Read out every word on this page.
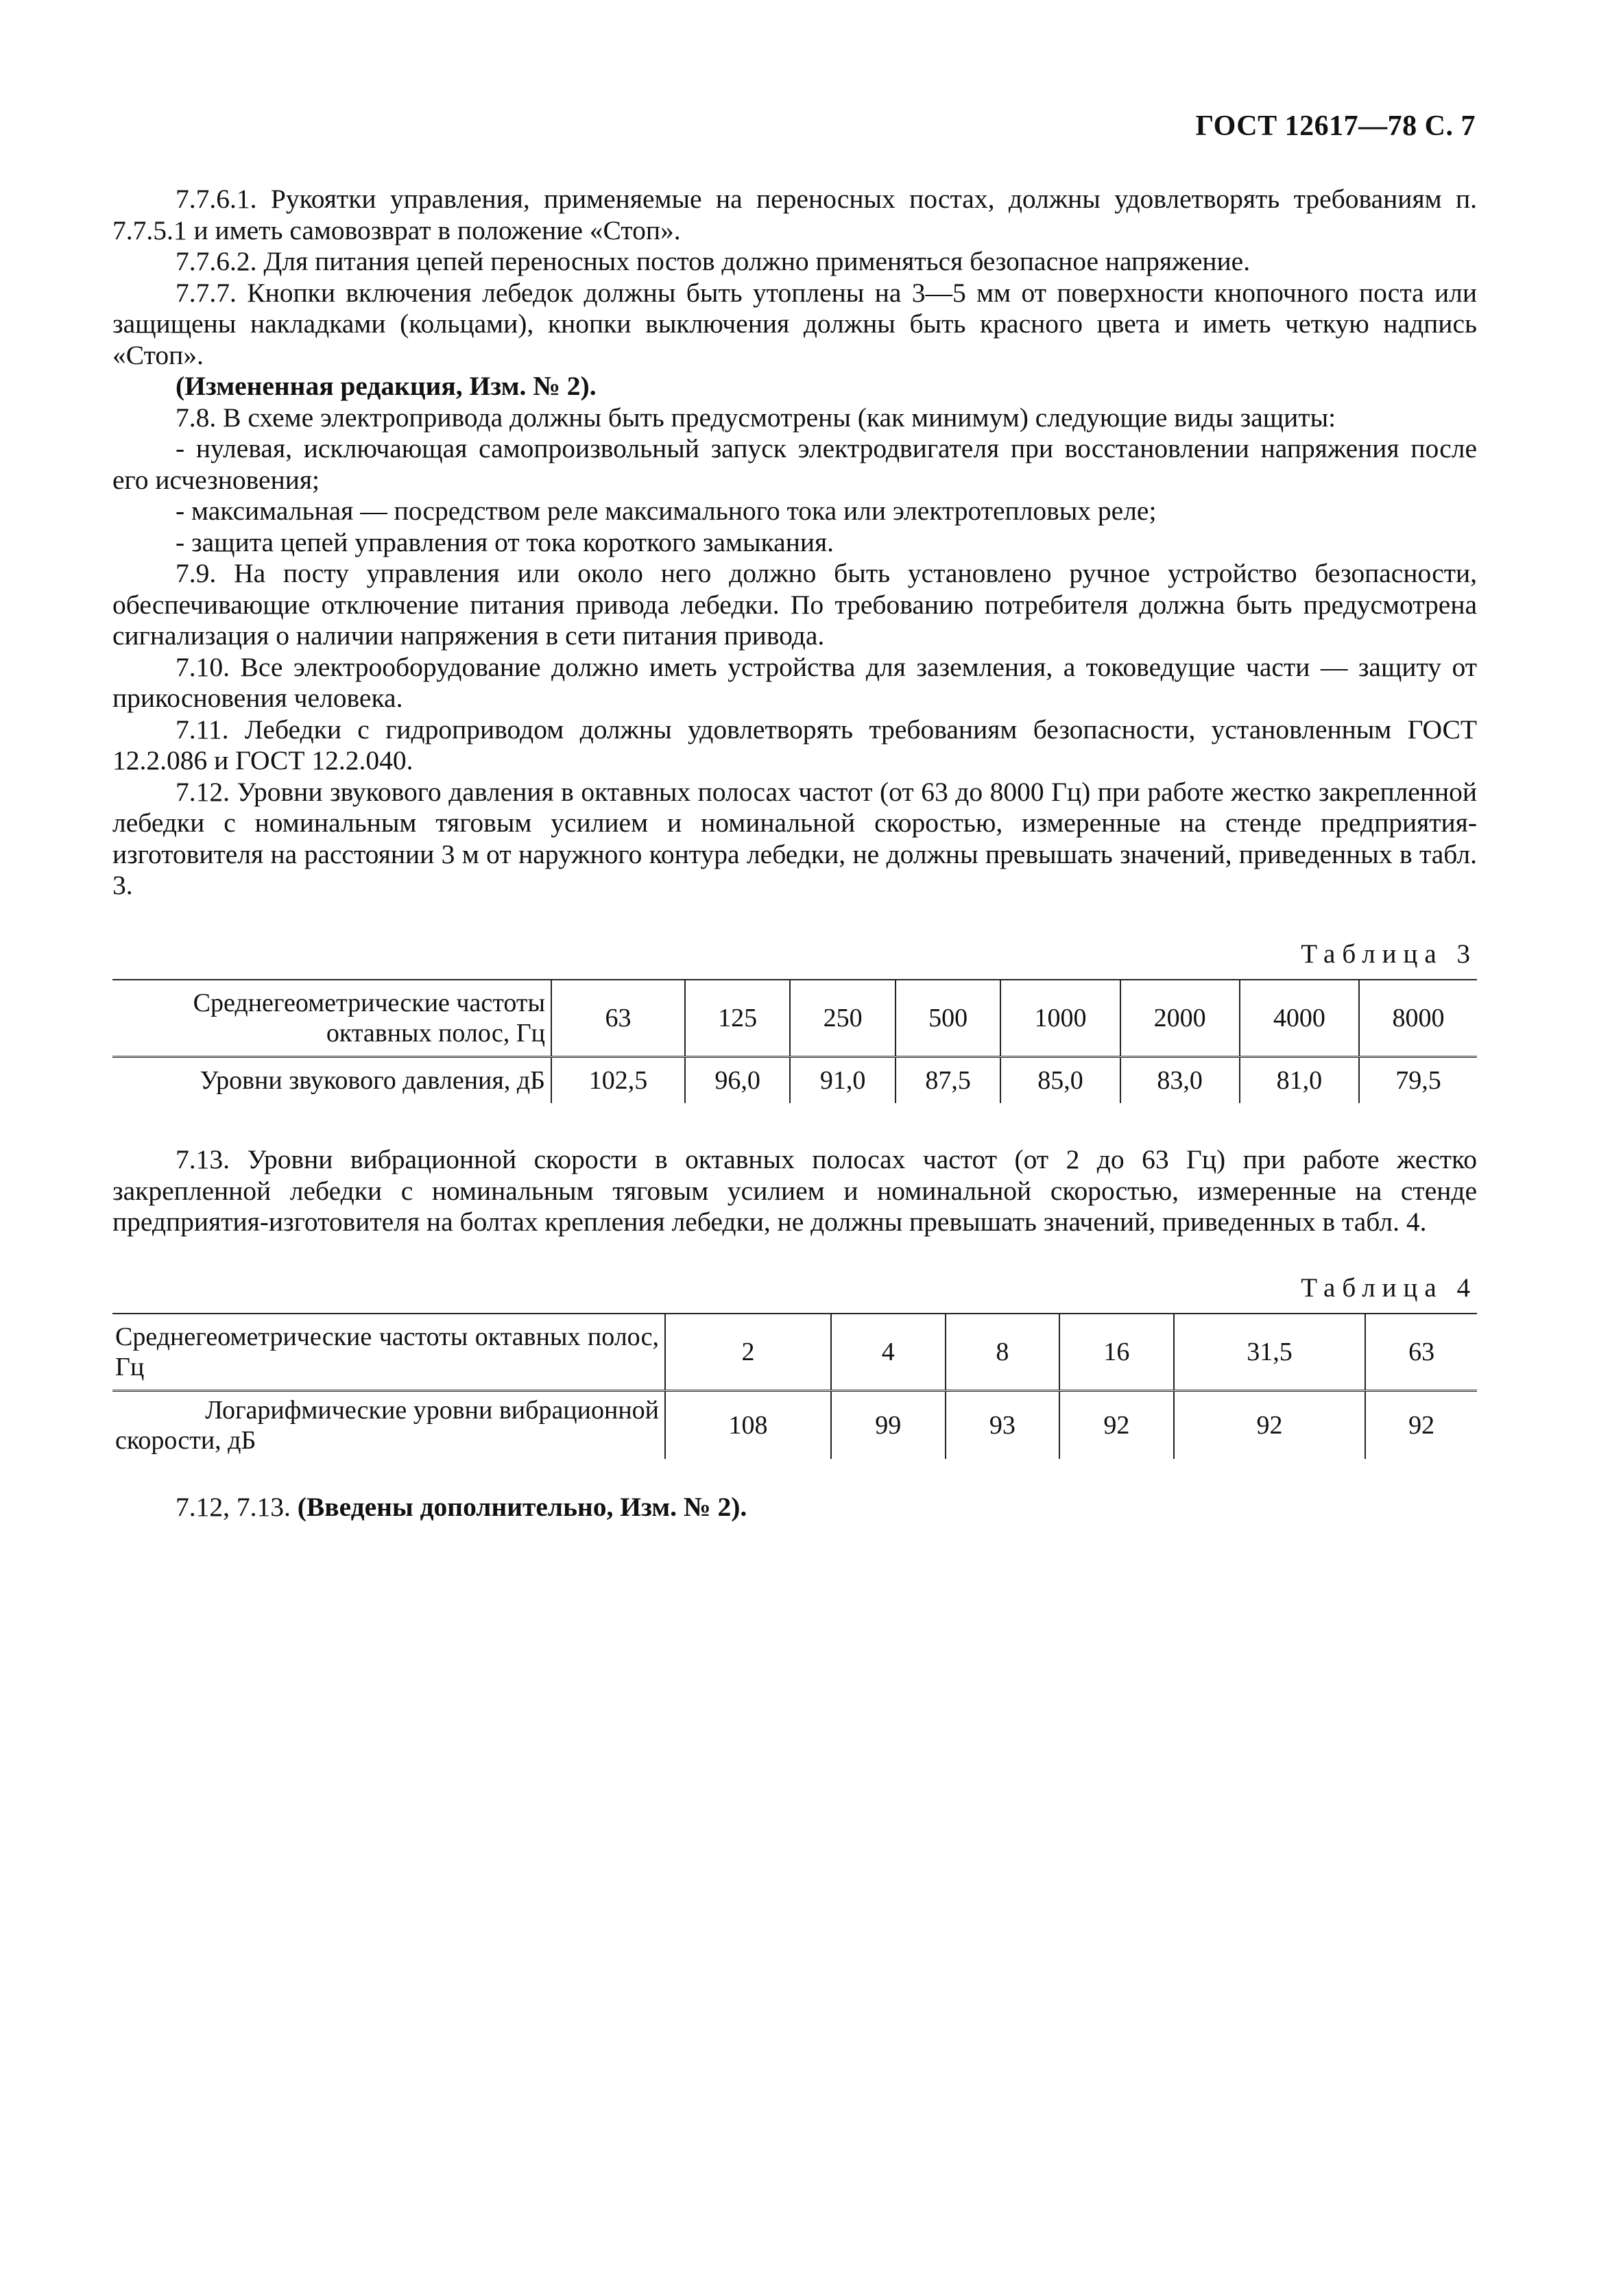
ГОСТ 12617—78 С. 7

7.7.6.1. Рукоятки управления, применяемые на переносных постах, должны удовлетворять требованиям п. 7.7.5.1 и иметь самовозврат в положение «Стоп».

7.7.6.2. Для питания цепей переносных постов должно применяться безопасное напряжение.

7.7.7. Кнопки включения лебедок должны быть утоплены на 3—5 мм от поверхности кнопочного поста или защищены накладками (кольцами), кнопки выключения должны быть красного цвета и иметь четкую надпись «Стоп».

(Измененная редакция, Изм. № 2).

7.8. В схеме электропривода должны быть предусмотрены (как минимум) следующие виды защиты:

- нулевая, исключающая самопроизвольный запуск электродвигателя при восстановлении напряжения после его исчезновения;

- максимальная — посредством реле максимального тока или электротепловых реле;

- защита цепей управления от тока короткого замыкания.

7.9. На посту управления или около него должно быть установлено ручное устройство безопасности, обеспечивающие отключение питания привода лебедки. По требованию потребителя должна быть предусмотрена сигнализация о наличии напряжения в сети питания привода.

7.10. Все электрооборудование должно иметь устройства для заземления, а токоведущие части — защиту от прикосновения человека.

7.11. Лебедки с гидроприводом должны удовлетворять требованиям безопасности, установленным ГОСТ 12.2.086 и ГОСТ 12.2.040.

7.12. Уровни звукового давления в октавных полосах частот (от 63 до 8000 Гц) при работе жестко закрепленной лебедки с номинальным тяговым усилием и номинальной скоростью, измеренные на стенде предприятия-изготовителя на расстоянии 3 м от наружного контура лебедки, не должны превышать значений, приведенных в табл. 3.

Таблица 3

Среднегеометрические частоты октавных полос, Гц	63	125	250	500	1000	2000	4000	8000
Уровни звукового давления, дБ	102,5	96,0	91,0	87,5	85,0	83,0	81,0	79,5

7.13. Уровни вибрационной скорости в октавных полосах частот (от 2 до 63 Гц) при работе жестко закрепленной лебедки с номинальным тяговым усилием и номинальной скоростью, измеренные на стенде предприятия-изготовителя на болтах крепления лебедки, не должны превышать значений, приведенных в табл. 4.

Таблица 4

Среднегеометрические частоты октавных полос, Гц	2	4	8	16	31,5	63
Логарифмические уровни вибрационной скорости, дБ	108	99	93	92	92	92

7.12, 7.13. (Введены дополнительно, Изм. № 2).
